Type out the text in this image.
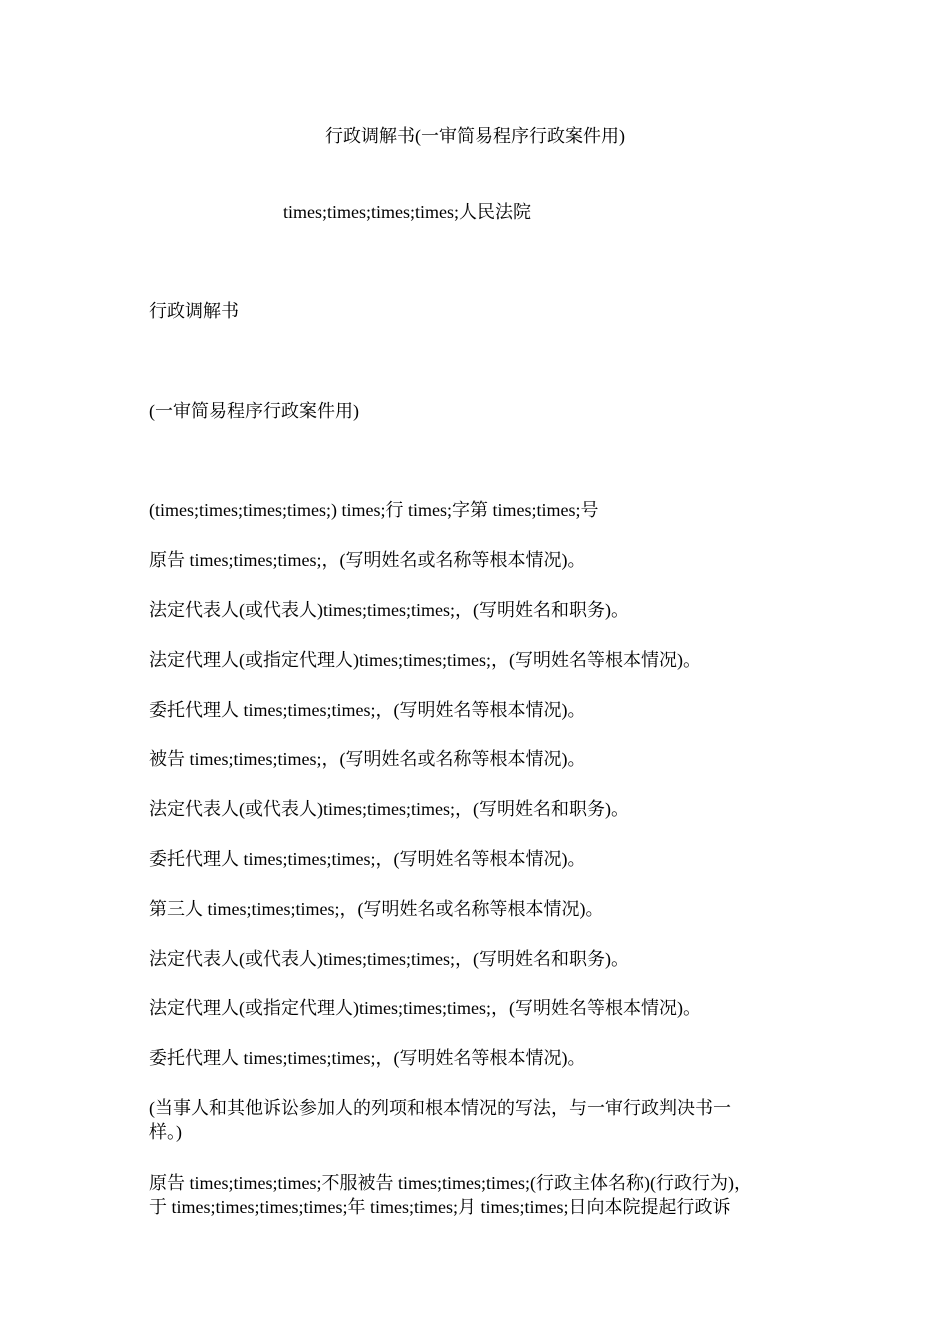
行政调解书(一审简易程序行政案件用)
times;times;times;times;人民法院
行政调解书
(一审简易程序行政案件用)
(times;times;times;times;) times;行 times;字第 times;times;号
原告 times;times;times;，(写明姓名或名称等根本情况)。
法定代表人(或代表人)times;times;times;，(写明姓名和职务)。
法定代理人(或指定代理人)times;times;times;，(写明姓名等根本情况)。
委托代理人 times;times;times;，(写明姓名等根本情况)。
被告 times;times;times;，(写明姓名或名称等根本情况)。
法定代表人(或代表人)times;times;times;，(写明姓名和职务)。
委托代理人 times;times;times;，(写明姓名等根本情况)。
第三人 times;times;times;，(写明姓名或名称等根本情况)。
法定代表人(或代表人)times;times;times;，(写明姓名和职务)。
法定代理人(或指定代理人)times;times;times;，(写明姓名等根本情况)。
委托代理人 times;times;times;，(写明姓名等根本情况)。
(当事人和其他诉讼参加人的列项和根本情况的写法，与一审行政判决书一
样。)
原告 times;times;times;不服被告 times;times;times;(行政主体名称)(行政行为)，
于 times;times;times;times;年 times;times;月 times;times;日向本院提起行政诉
